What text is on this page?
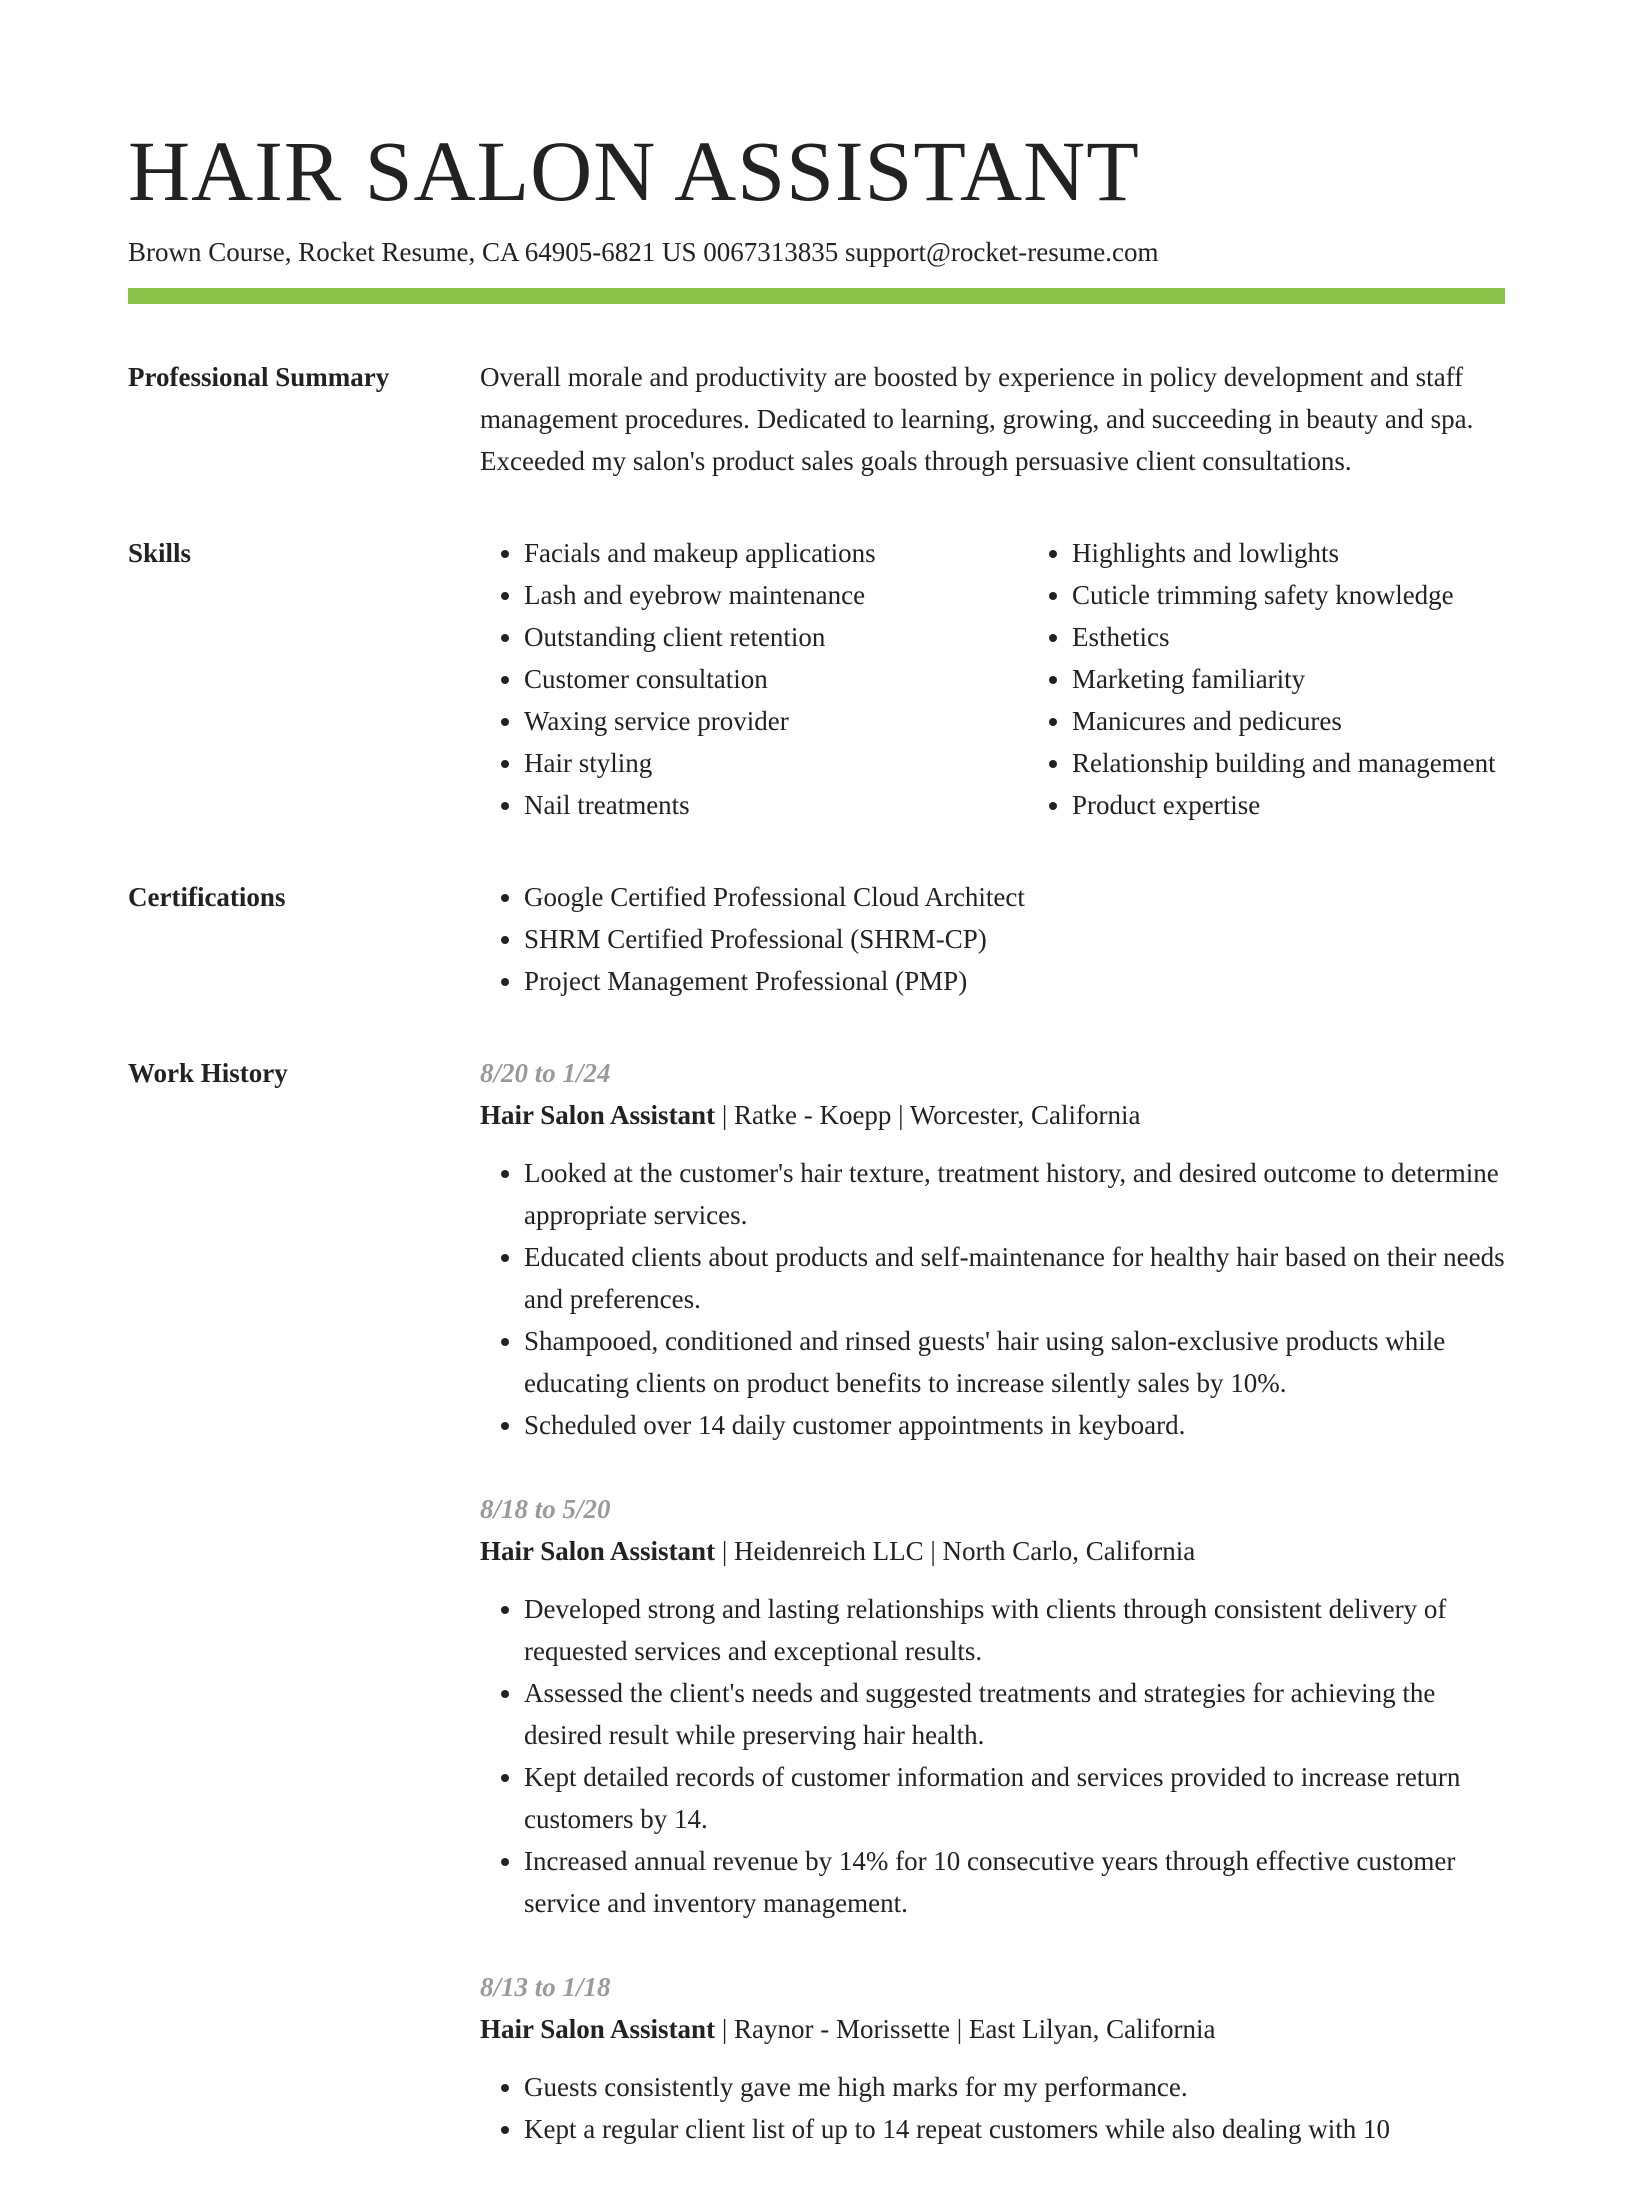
HAIR SALON ASSISTANT
Brown Course, Rocket Resume, CA 64905-6821 US 0067313835 support@rocket-resume.com
Professional Summary	Overall morale and productivity are boosted by experience in policy development and staff management procedures. Dedicated to learning, growing, and succeeding in beauty and spa. Exceeded my salon's product sales goals through persuasive client consultations.

Skills	• Facials and makeup applications
• Lash and eyebrow maintenance
• Outstanding client retention
• Customer consultation
• Waxing service provider
• Hair styling
• Nail treatments
• Highlights and lowlights
• Cuticle trimming safety knowledge
• Esthetics
• Marketing familiarity
• Manicures and pedicures
• Relationship building and management
• Product expertise
Certifications	• Google Certified Professional Cloud Architect
• SHRM Certified Professional (SHRM-CP)
• Project Management Professional (PMP)
Work History	8/20 to 1/24
Hair Salon Assistant | Ratke - Koepp | Worcester, California
• Looked at the customer's hair texture, treatment history, and desired outcome to determine appropriate services.
• Educated clients about products and self-maintenance for healthy hair based on their needs and preferences.
• Shampooed, conditioned and rinsed guests' hair using salon-exclusive products while educating clients on product benefits to increase silently sales by 10%.
• Scheduled over 14 daily customer appointments in keyboard.
8/18 to 5/20
Hair Salon Assistant | Heidenreich LLC | North Carlo, California
• Developed strong and lasting relationships with clients through consistent delivery of requested services and exceptional results.
• Assessed the client's needs and suggested treatments and strategies for achieving the desired result while preserving hair health.
• Kept detailed records of customer information and services provided to increase return customers by 14.
• Increased annual revenue by 14% for 10 consecutive years through effective customer service and inventory management.
8/13 to 1/18
Hair Salon Assistant | Raynor - Morissette | East Lilyan, California
• Guests consistently gave me high marks for my performance.
• Kept a regular client list of up to 14 repeat customers while also dealing with 10
